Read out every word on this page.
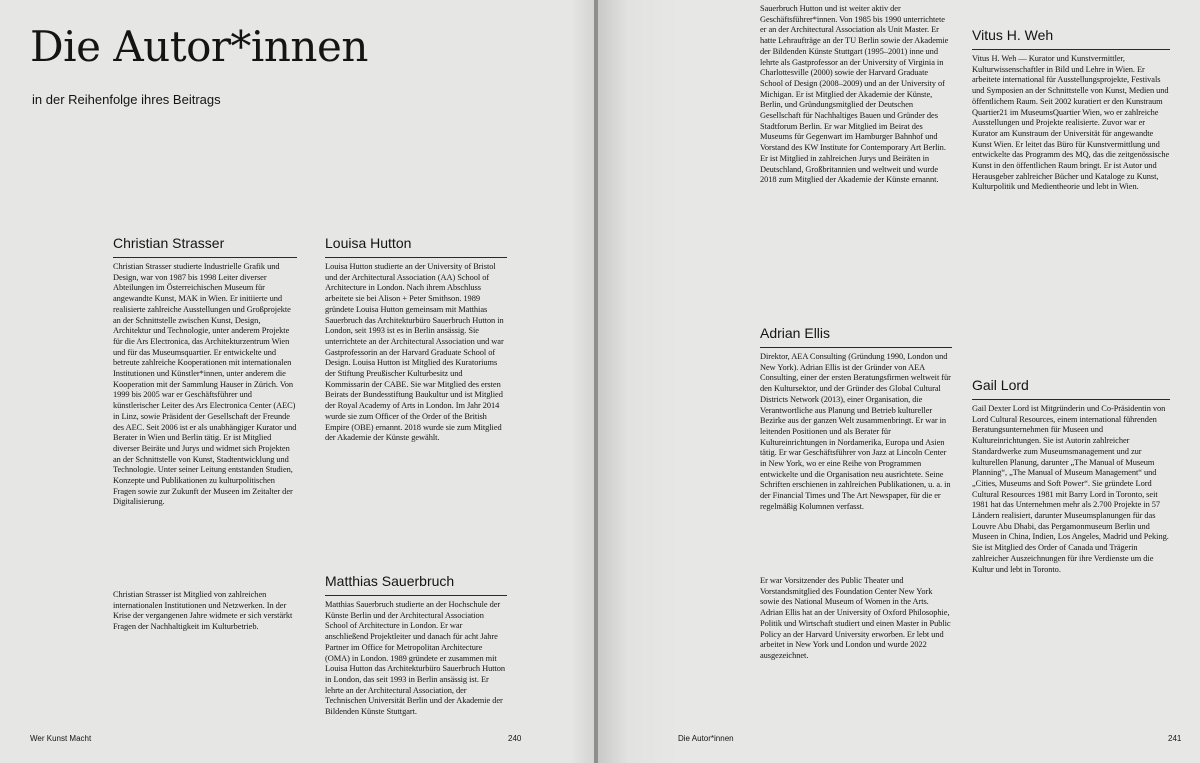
Die Autor*innen
in der Reihenfolge ihres Beitrags
Christian Strasser

Christian Strasser studierte Industrielle Grafik und Design, war von 1987 bis 1998 Leiter diverser Abteilungen im Österreichischen Museum für angewandte Kunst, MAK in Wien. Er initiierte und realisierte zahlreiche Ausstellungen und Großprojekte an der Schnittstelle zwischen Kunst, Design, Architektur und Technologie, unter anderem Projekte für die Ars Electronica, das Architekturzentrum Wien und für das Museumsquartier. Er entwickelte und betreute zahlreiche Kooperationen mit internationalen Institutionen und Künstler*innen, unter anderem die Kooperation mit der Sammlung Hauser in Zürich. Von 1999 bis 2005 war er Geschäftsführer und künstlerischer Leiter des Ars Electronica Center (AEC) in Linz, sowie Präsident der Gesellschaft der Freunde des AEC. Seit 2006 ist er als unabhängiger Kurator und Berater in Wien und Berlin tätig. Er ist Mitglied diverser Beiräte und Jurys und widmet sich Projekten an der Schnittstelle von Kunst, Stadtentwicklung und Technologie. Unter seiner Leitung entstanden Studien, Konzepte und Publikationen zu kulturpolitischen Fragen sowie zur Zukunft der Museen im Zeitalter der Digitalisierung.

Christian Strasser ist Mitglied von zahlreichen internationalen Institutionen und Netzwerken. In der Krise der vergangenen Jahre widmete er sich verstärkt Fragen der Nachhaltigkeit im Kulturbetrieb.

Louisa Hutton

Louisa Hutton studierte an der University of Bristol und der Architectural Association (AA) School of Architecture in London. Nach ihrem Abschluss arbeitete sie bei Alison + Peter Smithson. 1989 gründete Louisa Hutton gemeinsam mit Matthias Sauerbruch das Architekturbüro Sauerbruch Hutton in London, seit 1993 ist es in Berlin ansässig. Sie unterrichtete an der Architectural Association und war Gastprofessorin an der Harvard Graduate School of Design. Louisa Hutton ist Mitglied des Kuratoriums der Stiftung Preußischer Kulturbesitz und Kommissarin der CABE. Sie war Mitglied des ersten Beirats der Bundesstiftung Baukultur und ist Mitglied der Royal Academy of Arts in London. Im Jahr 2014 wurde sie zum Officer of the Order of the British Empire (OBE) ernannt. 2018 wurde sie zum Mitglied der Akademie der Künste gewählt.

Matthias Sauerbruch

Matthias Sauerbruch studierte an der Hochschule der Künste Berlin und der Architectural Association School of Architecture in London. Er war anschließend Projektleiter und danach für acht Jahre Partner im Office for Metropolitan Architecture (OMA) in London. 1989 gründete er zusammen mit Louisa Hutton das Architekturbüro Sauerbruch Hutton in London, das seit 1993 in Berlin ansässig ist. Er lehrte an der Architectural Association, der Technischen Universität Berlin und der Akademie der Bildenden Künste Stuttgart.

Wer Kunst Macht	240

Sauerbruch Hutton und ist weiter aktiv der Geschäftsführer*innen. Von 1985 bis 1990 unterrichtete er an der Architectural Association als Unit Master. Er hatte Lehraufträge an der TU Berlin sowie der Akademie der Bildenden Künste Stuttgart (1995–2001) inne und lehrte als Gastprofessor an der University of Virginia in Charlottesville (2000) sowie der Harvard Graduate School of Design (2008–2009) und an der University of Michigan. Er ist Mitglied der Akademie der Künste, Berlin, und Gründungsmitglied der Deutschen Gesellschaft für Nachhaltiges Bauen und Gründer des Stadtforum Berlin. Er war Mitglied im Beirat des Museums für Gegenwart im Hamburger Bahnhof und Vorstand des KW Institute for Contemporary Art Berlin. Er ist Mitglied in zahlreichen Jurys und Beiräten in Deutschland, Großbritannien und weltweit und wurde 2018 zum Mitglied der Akademie der Künste ernannt.

Adrian Ellis

Direktor, AEA Consulting (Gründung 1990, London und New York). Adrian Ellis ist der Gründer von AEA Consulting, einer der ersten Beratungsfirmen weltweit für den Kultursektor, und der Gründer des Global Cultural Districts Network (2013), einer Organisation, die Verantwortliche aus Planung und Betrieb kultureller Bezirke aus der ganzen Welt zusammenbringt. Er war in leitenden Positionen und als Berater für Kultureinrichtungen in Nordamerika, Europa und Asien tätig. Er war Geschäftsführer von Jazz at Lincoln Center in New York, wo er eine Reihe von Programmen entwickelte und die Organisation neu ausrichtete. Seine Schriften erschienen in zahlreichen Publikationen, u. a. in der Financial Times und The Art Newspaper, für die er regelmäßig Kolumnen verfasst.

Er war Vorsitzender des Public Theater und Vorstandsmitglied des Foundation Center New York sowie des National Museum of Women in the Arts. Adrian Ellis hat an der University of Oxford Philosophie, Politik und Wirtschaft studiert und einen Master in Public Policy an der Harvard University erworben. Er lebt und arbeitet in New York und London und wurde 2022 ausgezeichnet.

Vitus H. Weh

Vitus H. Weh — Kurator und Kunstvermittler, Kulturwissenschaftler in Bild und Lehre in Wien. Er arbeitete international für Ausstellungsprojekte, Festivals und Symposien an der Schnittstelle von Kunst, Medien und öffentlichem Raum. Seit 2002 kuratiert er den Kunstraum Quartier21 im MuseumsQuartier Wien, wo er zahlreiche Ausstellungen und Projekte realisierte. Zuvor war er Kurator am Kunstraum der Universität für angewandte Kunst Wien. Er leitet das Büro für Kunstvermittlung und entwickelte das Programm des MQ, das die zeitgenössische Kunst in den öffentlichen Raum bringt. Er ist Autor und Herausgeber zahlreicher Bücher und Kataloge zu Kunst, Kulturpolitik und Medientheorie und lebt in Wien.

Gail Lord

Gail Dexter Lord ist Mitgründerin und Co-Präsidentin von Lord Cultural Resources, einem international führenden Beratungsunternehmen für Museen und Kultureinrichtungen. Sie ist Autorin zahlreicher Standardwerke zum Museumsmanagement und zur kulturellen Planung, darunter „The Manual of Museum Planning“, „The Manual of Museum Management“ und „Cities, Museums and Soft Power“. Sie gründete Lord Cultural Resources 1981 mit Barry Lord in Toronto, seit 1981 hat das Unternehmen mehr als 2.700 Projekte in 57 Ländern realisiert, darunter Museumsplanungen für das Louvre Abu Dhabi, das Pergamonmuseum Berlin und Museen in China, Indien, Los Angeles, Madrid und Peking. Sie ist Mitglied des Order of Canada und Trägerin zahlreicher Auszeichnungen für ihre Verdienste um die Kultur und lebt in Toronto.

Die Autor*innen	241
